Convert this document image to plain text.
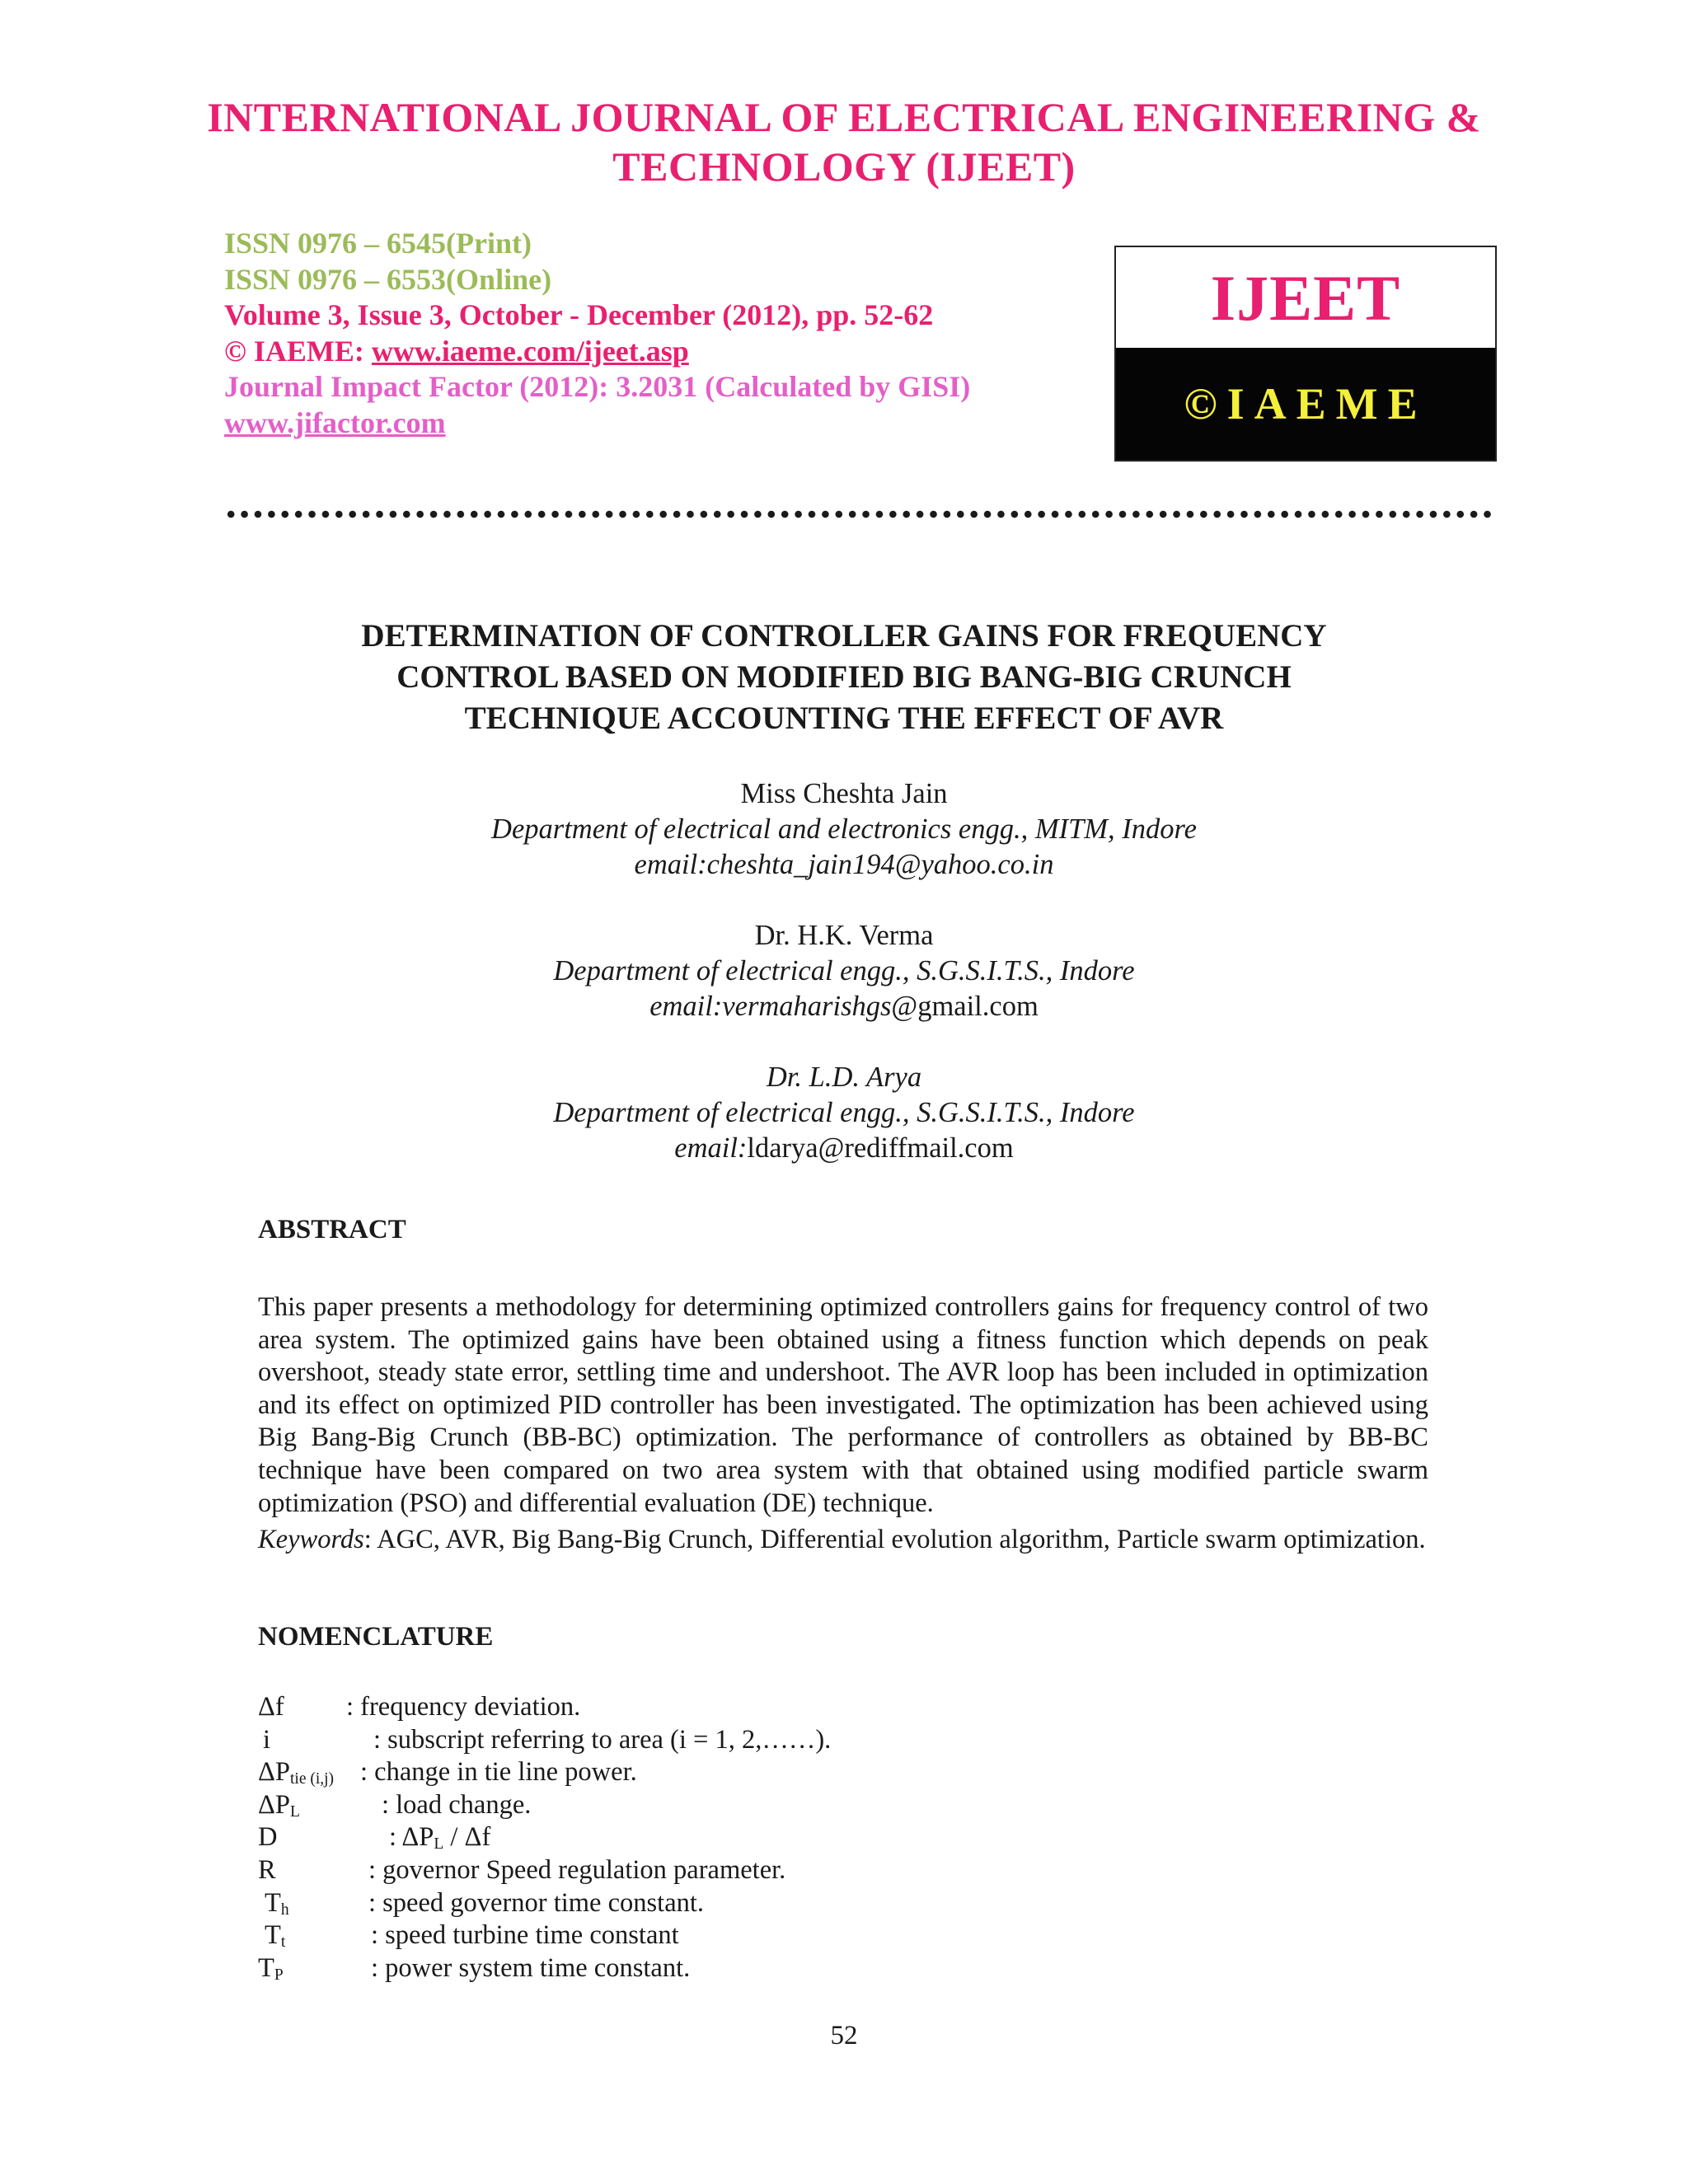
INTERNATIONAL JOURNAL OF ELECTRICAL ENGINEERING &
TECHNOLOGY (IJEET)
ISSN 0976 – 6545(Print)
ISSN 0976 – 6553(Online)
Volume 3, Issue 3, October - December (2012), pp. 52-62
© IAEME: www.iaeme.com/ijeet.asp
Journal Impact Factor (2012): 3.2031 (Calculated by GISI)
www.jifactor.com
IJEET
©IAEME
DETERMINATION OF CONTROLLER GAINS FOR FREQUENCY
CONTROL BASED ON MODIFIED BIG BANG-BIG CRUNCH
TECHNIQUE ACCOUNTING THE EFFECT OF AVR
Miss Cheshta Jain
Department of electrical and electronics engg., MITM, Indore
email:cheshta_jain194@yahoo.co.in
Dr. H.K. Verma
Department of electrical engg., S.G.S.I.T.S., Indore
email:vermaharishgs@gmail.com
Dr. L.D. Arya
Department of electrical engg., S.G.S.I.T.S., Indore
email:ldarya@rediffmail.com
ABSTRACT
This paper presents a methodology for determining optimized controllers gains for frequency control of two area system. The optimized gains have been obtained using a fitness function which depends on peak overshoot, steady state error, settling time and undershoot. The AVR loop has been included in optimization and its effect on optimized PID controller has been investigated. The optimization has been achieved using Big Bang-Big Crunch (BB-BC) optimization. The performance of controllers as obtained by BB-BC technique have been compared on two area system with that obtained using modified particle swarm optimization (PSO) and differential evaluation (DE) technique.
Keywords: AGC, AVR, Big Bang-Big Crunch, Differential evolution algorithm, Particle swarm optimization.
NOMENCLATURE
Δf : frequency deviation.
i	: subscript referring to area (i = 1, 2,……).
$\Delta P_{tie (i,j)}$ : change in tie line power.
$\Delta P_L$	: load change.
D	: $\Delta P_L$ / Δf
R	: governor Speed regulation parameter.
$T_h$	: speed governor time constant.
$T_t$	: speed turbine time constant
$T_P$	: power system time constant.
52
